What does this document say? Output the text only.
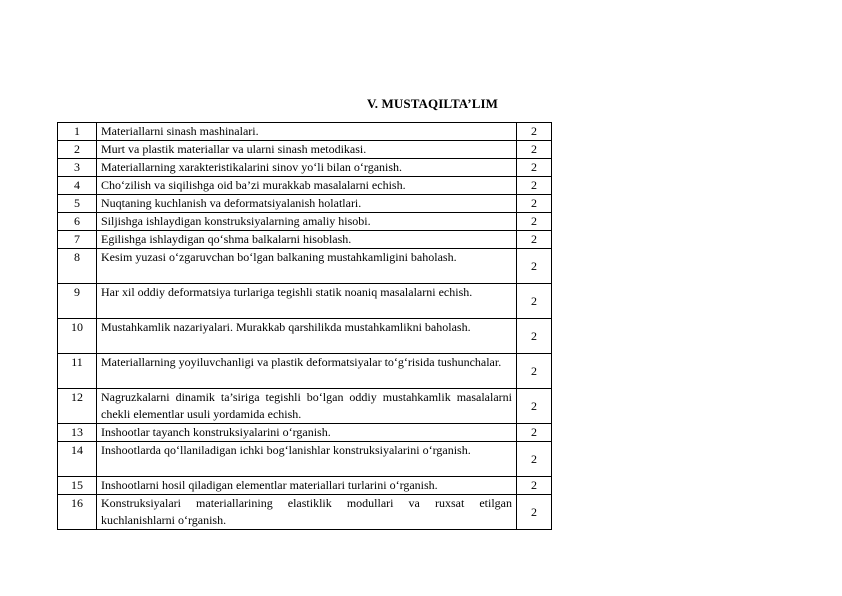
V. MUSTAQILTA’LIM
1	Materiallarni sinash mashinalari.	2
2	Murt va plastik materiallar va ularni sinash metodikasi.	2
3	Materiallarning xarakteristikalarini sinov yo‘li bilan o‘rganish.	2
4	Cho‘zilish va siqilishga oid ba’zi murakkab masalalarni echish.	2
5	Nuqtaning kuchlanish va deformatsiyalanish holatlari.	2
6	Siljishga ishlaydigan konstruksiyalarning amaliy hisobi.	2
7	Egilishga ishlaydigan qo‘shma balkalarni hisoblash.	2
8	Kesim yuzasi o‘zgaruvchan bo‘lgan balkaning mustahkamligini baholash.	2
9	Har xil oddiy deformatsiya turlariga tegishli statik noaniq masalalarni echish.	2
10	Mustahkamlik nazariyalari. Murakkab qarshilikda mustahkamlikni baholash.	2
11	Materiallarning yoyiluvchanligi va plastik deformatsiyalar to‘g‘risida tushunchalar.	2
12	Nagruzkalarni dinamik ta’siriga tegishli bo‘lgan oddiy mustahkamlik masalalarni chekli elementlar usuli yordamida echish.	2
13	Inshootlar tayanch konstruksiyalarini o‘rganish.	2
14	Inshootlarda qo‘llaniladigan ichki bog‘lanishlar konstruksiyalarini o‘rganish.	2
15	Inshootlarni hosil qiladigan elementlar materiallari turlarini o‘rganish.	2
16	Konstruksiyalari materiallarining elastiklik modullari va ruxsat etilgan kuchlanishlarni o‘rganish.	2
